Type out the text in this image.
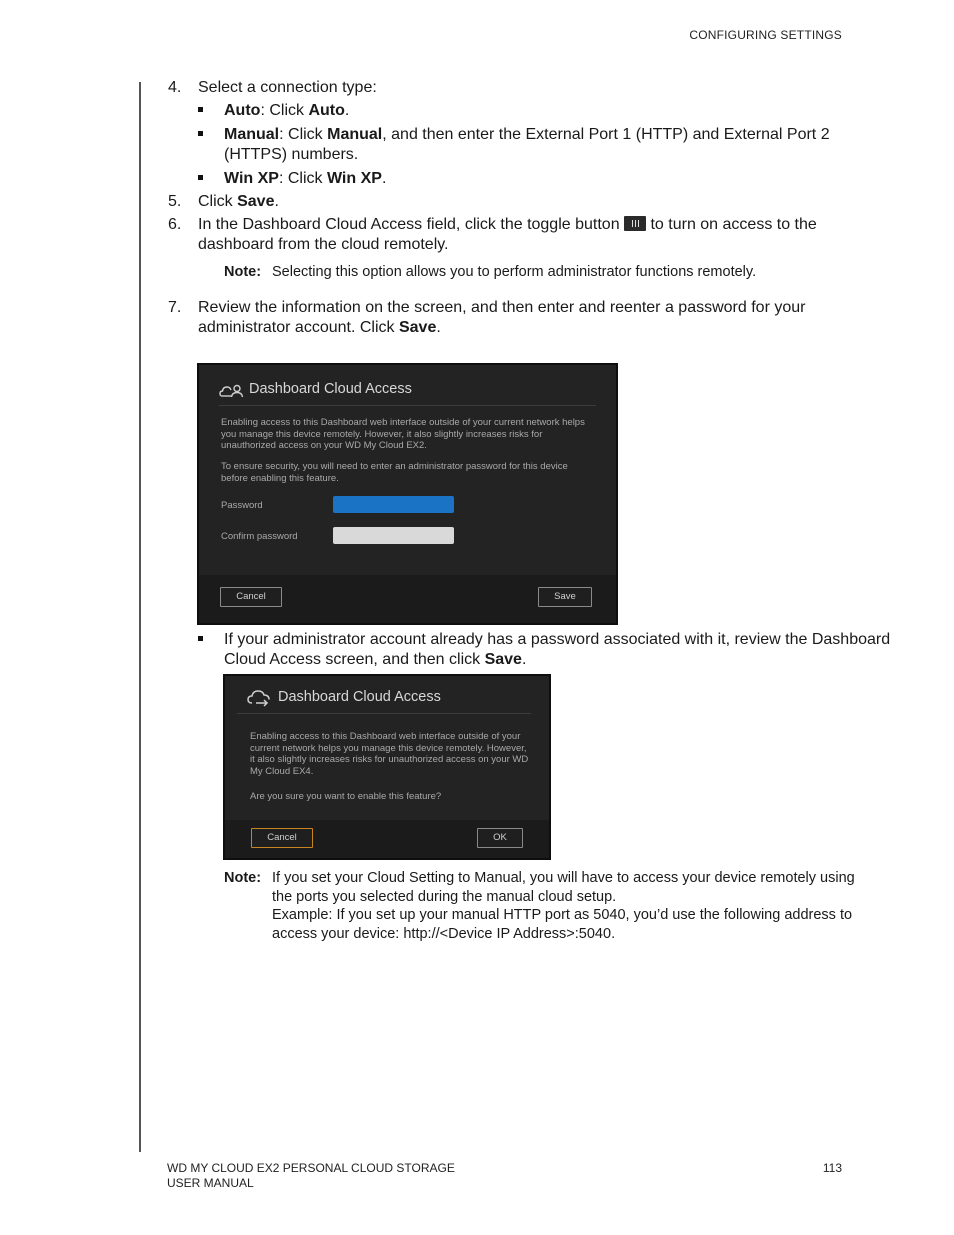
CONFIGURING SETTINGS

4. Select a connection type:

Auto: Click Auto.

Manual: Click Manual, and then enter the External Port 1 (HTTP) and External Port 2 (HTTPS) numbers.

Win XP: Click Win XP.

5. Click Save.

6. In the Dashboard Cloud Access field, click the toggle button
to turn on access to the dashboard from the cloud remotely.

Note: Selecting this option allows you to perform administrator functions remotely.

7. Review the information on the screen, and then enter and reenter a password for your administrator account. Click Save.

Dashboard Cloud Access
Enabling access to this Dashboard web interface outside of your current network helps you manage this device remotely. However, it also slightly increases risks for unauthorized access on your WD My Cloud EX2.
To ensure security, you will need to enter an administrator password for this device before enabling this feature.
Password
Confirm password
Cancel	Save

If your administrator account already has a password associated with it, review the Dashboard Cloud Access screen, and then click Save.

Dashboard Cloud Access
Enabling access to this Dashboard web interface outside of your current network helps you manage this device remotely. However, it also slightly increases risks for unauthorized access on your WD My Cloud EX4.
Are you sure you want to enable this feature?
Cancel	OK
Note: If you set your Cloud Setting to Manual, you will have to access your device remotely using the ports you selected during the manual cloud setup.
Example: If you set up your manual HTTP port as 5040, you’d use the following address to access your device: http://<Device IP Address>:5040.
WD MY CLOUD EX2 PERSONAL CLOUD STORAGE
USER MANUAL
113
